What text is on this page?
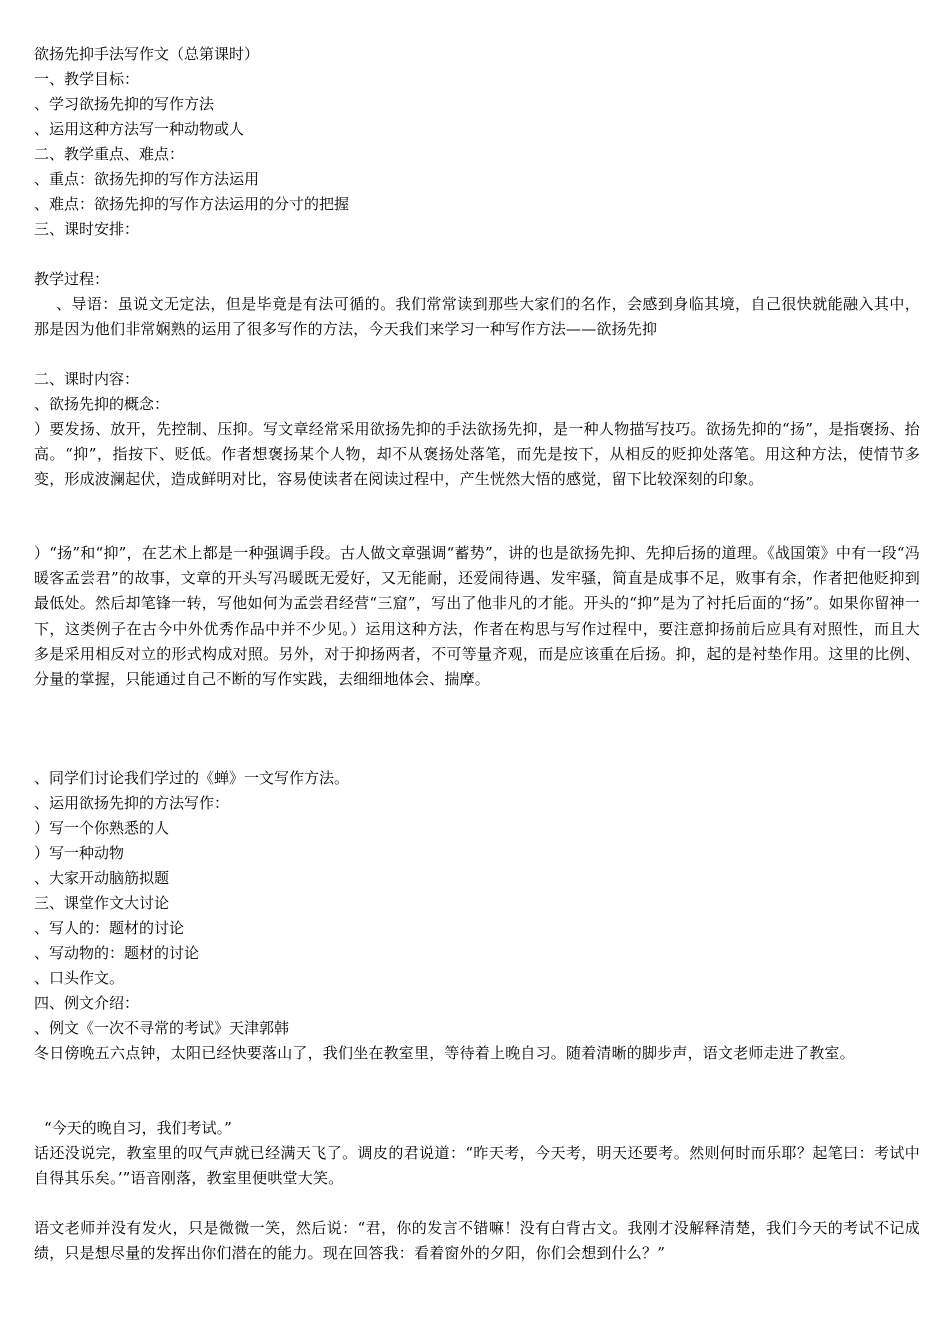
欲扬先抑手法写作文（总第课时）
一、教学目标：
、学习欲扬先抑的写作方法
、运用这种方法写一种动物或人
二、教学重点、难点：
、重点：欲扬先抑的写作方法运用
、难点：欲扬先抑的写作方法运用的分寸的把握
三、课时安排：
教学过程：
、导语：虽说文无定法，但是毕竟是有法可循的。我们常常读到那些大家们的名作，会感到身临其境，自己很快就能融入其中，那是因为他们非常娴熟的运用了很多写作的方法，今天我们来学习一种写作方法——欲扬先抑
二、课时内容：
、欲扬先抑的概念：
）要发扬、放开，先控制、压抑。写文章经常采用欲扬先抑的手法欲扬先抑，是一种人物描写技巧。欲扬先抑的“扬”，是指褒扬、抬高。“抑”，指按下、贬低。作者想褒扬某个人物，却不从褒扬处落笔，而先是按下，从相反的贬抑处落笔。用这种方法，使情节多变，形成波澜起伏，造成鲜明对比，容易使读者在阅读过程中，产生恍然大悟的感觉，留下比较深刻的印象。
）“扬”和“抑”，在艺术上都是一种强调手段。古人做文章强调“蓄势”，讲的也是欲扬先抑、先抑后扬的道理。《战国策》中有一段“冯暖客孟尝君”的故事，文章的开头写冯暖既无爱好，又无能耐，还爱闹待遇、发牢骚，简直是成事不足，败事有余，作者把他贬抑到最低处。然后却笔锋一转，写他如何为孟尝君经营“三窟”，写出了他非凡的才能。开头的“抑”是为了衬托后面的“扬”。如果你留神一下，这类例子在古今中外优秀作品中并不少见。）运用这种方法，作者在构思与写作过程中，要注意抑扬前后应具有对照性，而且大多是采用相反对立的形式构成对照。另外，对于抑扬两者，不可等量齐观，而是应该重在后扬。抑，起的是衬垫作用。这里的比例、分量的掌握，只能通过自己不断的写作实践，去细细地体会、揣摩。
、同学们讨论我们学过的《蝉》一文写作方法。
、运用欲扬先抑的方法写作：
）写一个你熟悉的人
）写一种动物
、大家开动脑筋拟题
三、课堂作文大讨论
、写人的：题材的讨论
、写动物的：题材的讨论
、口头作文。
四、例文介绍：
、例文《一次不寻常的考试》天津郭韩
冬日傍晚五六点钟，太阳已经快要落山了，我们坐在教室里，等待着上晚自习。随着清晰的脚步声，语文老师走进了教室。
“今天的晚自习，我们考试。”
话还没说完，教室里的叹气声就已经满天飞了。调皮的君说道：“昨天考，今天考，明天还要考。然则何时而乐耶？起笔曰：考试中自得其乐矣。’”语音刚落，教室里便哄堂大笑。
语文老师并没有发火，只是微微一笑，然后说：“君，你的发言不错嘛！没有白背古文。我刚才没解释清楚，我们今天的考试不记成绩，只是想尽量的发挥出你们潜在的能力。现在回答我：看着窗外的夕阳，你们会想到什么？”
